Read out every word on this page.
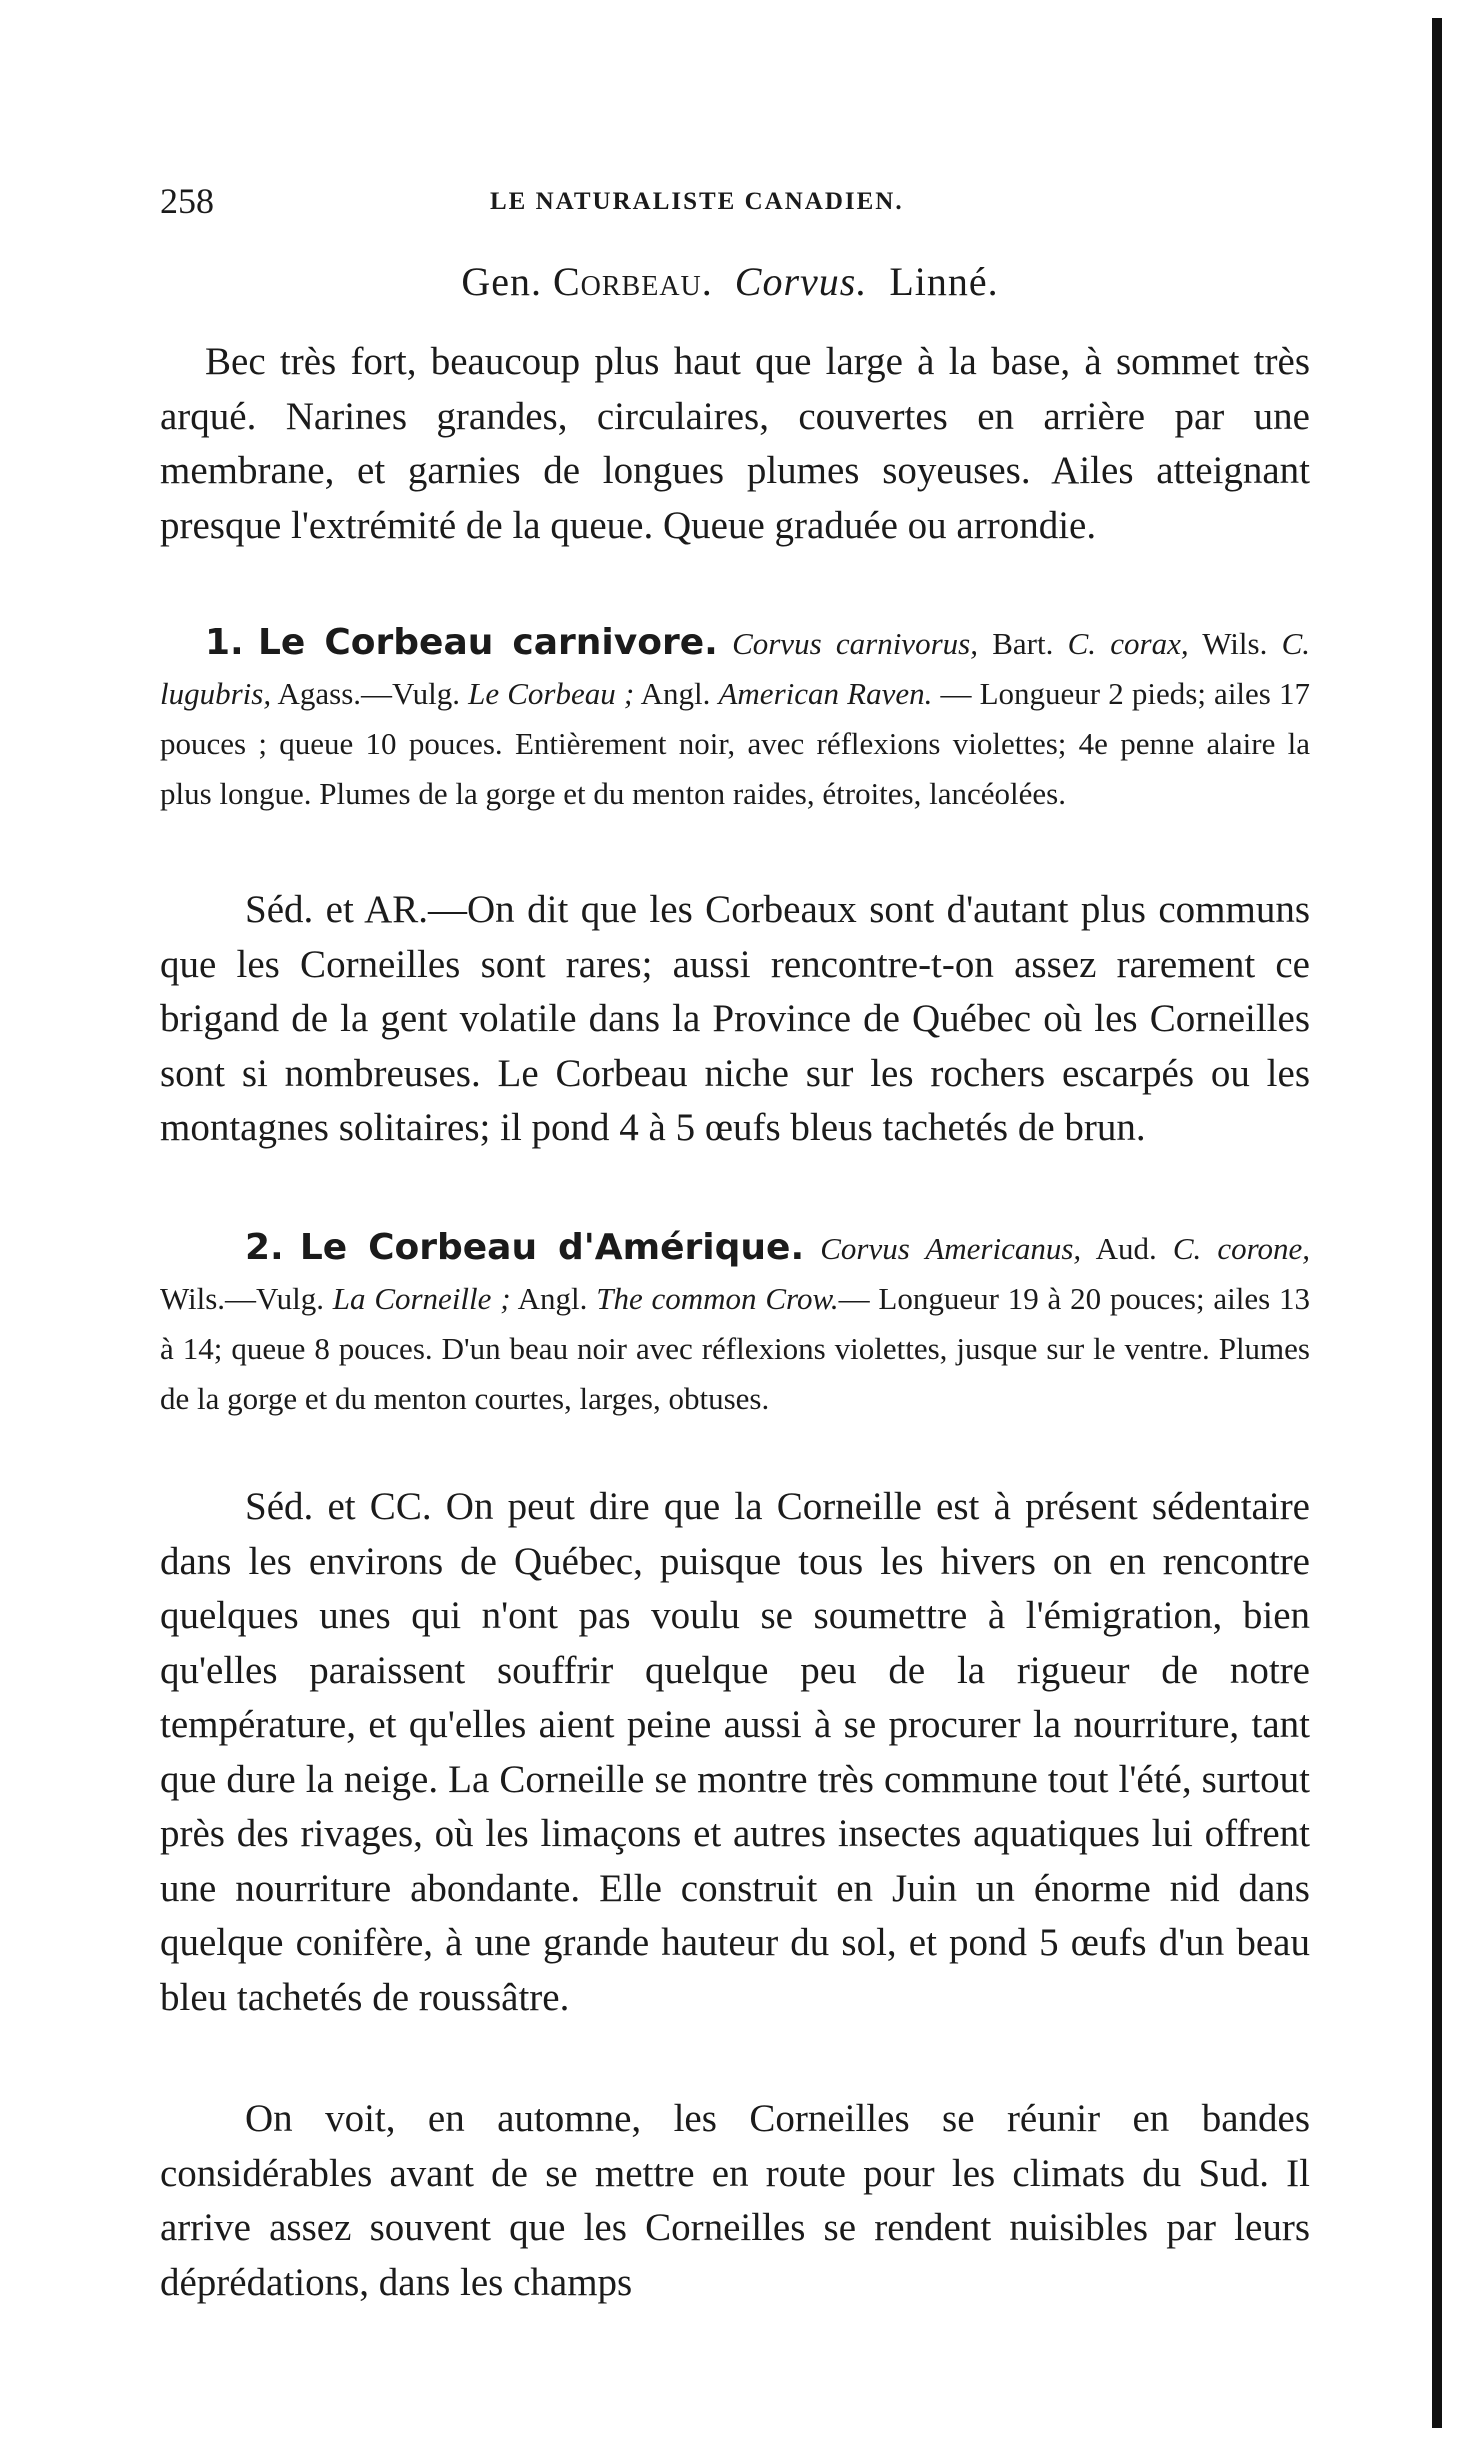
258	LE NATURALISTE CANADIEN.
Gen. Corbeau. Corvus. Linné.

Bec très fort, beaucoup plus haut que large à la base, à sommet très arqué. Narines grandes, circulaires, couvertes en arrière par une membrane, et garnies de longues plumes soyeuses. Ailes atteignant presque l'extrémité de la queue. Queue graduée ou arrondie.

1. Le Corbeau carnivore. Corvus carnivorus, Bart. C. corax, Wils. C. lugubris, Agass.—Vulg. Le Corbeau ; Angl. American Raven. — Longueur 2 pieds; ailes 17 pouces ; queue 10 pouces. Entièrement noir, avec réflexions violettes; 4e penne alaire la plus longue. Plumes de la gorge et du menton raides, étroites, lancéolées.

Séd. et AR.—On dit que les Corbeaux sont d'autant plus communs que les Corneilles sont rares; aussi rencontre-t-on assez rarement ce brigand de la gent volatile dans la Province de Québec où les Corneilles sont si nombreuses. Le Corbeau niche sur les rochers escarpés ou les montagnes solitaires; il pond 4 à 5 œufs bleus tachetés de brun.

2. Le Corbeau d'Amérique. Corvus Americanus, Aud. C. corone, Wils.—Vulg. La Corneille ; Angl. The common Crow.— Longueur 19 à 20 pouces; ailes 13 à 14; queue 8 pouces. D'un beau noir avec réflexions violettes, jusque sur le ventre. Plumes de la gorge et du menton courtes, larges, obtuses.

Séd. et CC. On peut dire que la Corneille est à présent sédentaire dans les environs de Québec, puisque tous les hivers on en rencontre quelques unes qui n'ont pas voulu se soumettre à l'émigration, bien qu'elles paraissent souffrir quelque peu de la rigueur de notre température, et qu'elles aient peine aussi à se procurer la nourriture, tant que dure la neige. La Corneille se montre très commune tout l'été, surtout près des rivages, où les limaçons et autres insectes aquatiques lui offrent une nourriture abondante. Elle construit en Juin un énorme nid dans quelque conifère, à une grande hauteur du sol, et pond 5 œufs d'un beau bleu tachetés de roussâtre.

On voit, en automne, les Corneilles se réunir en bandes considérables avant de se mettre en route pour les climats du Sud. Il arrive assez souvent que les Corneilles se rendent nuisibles par leurs déprédations, dans les champs
